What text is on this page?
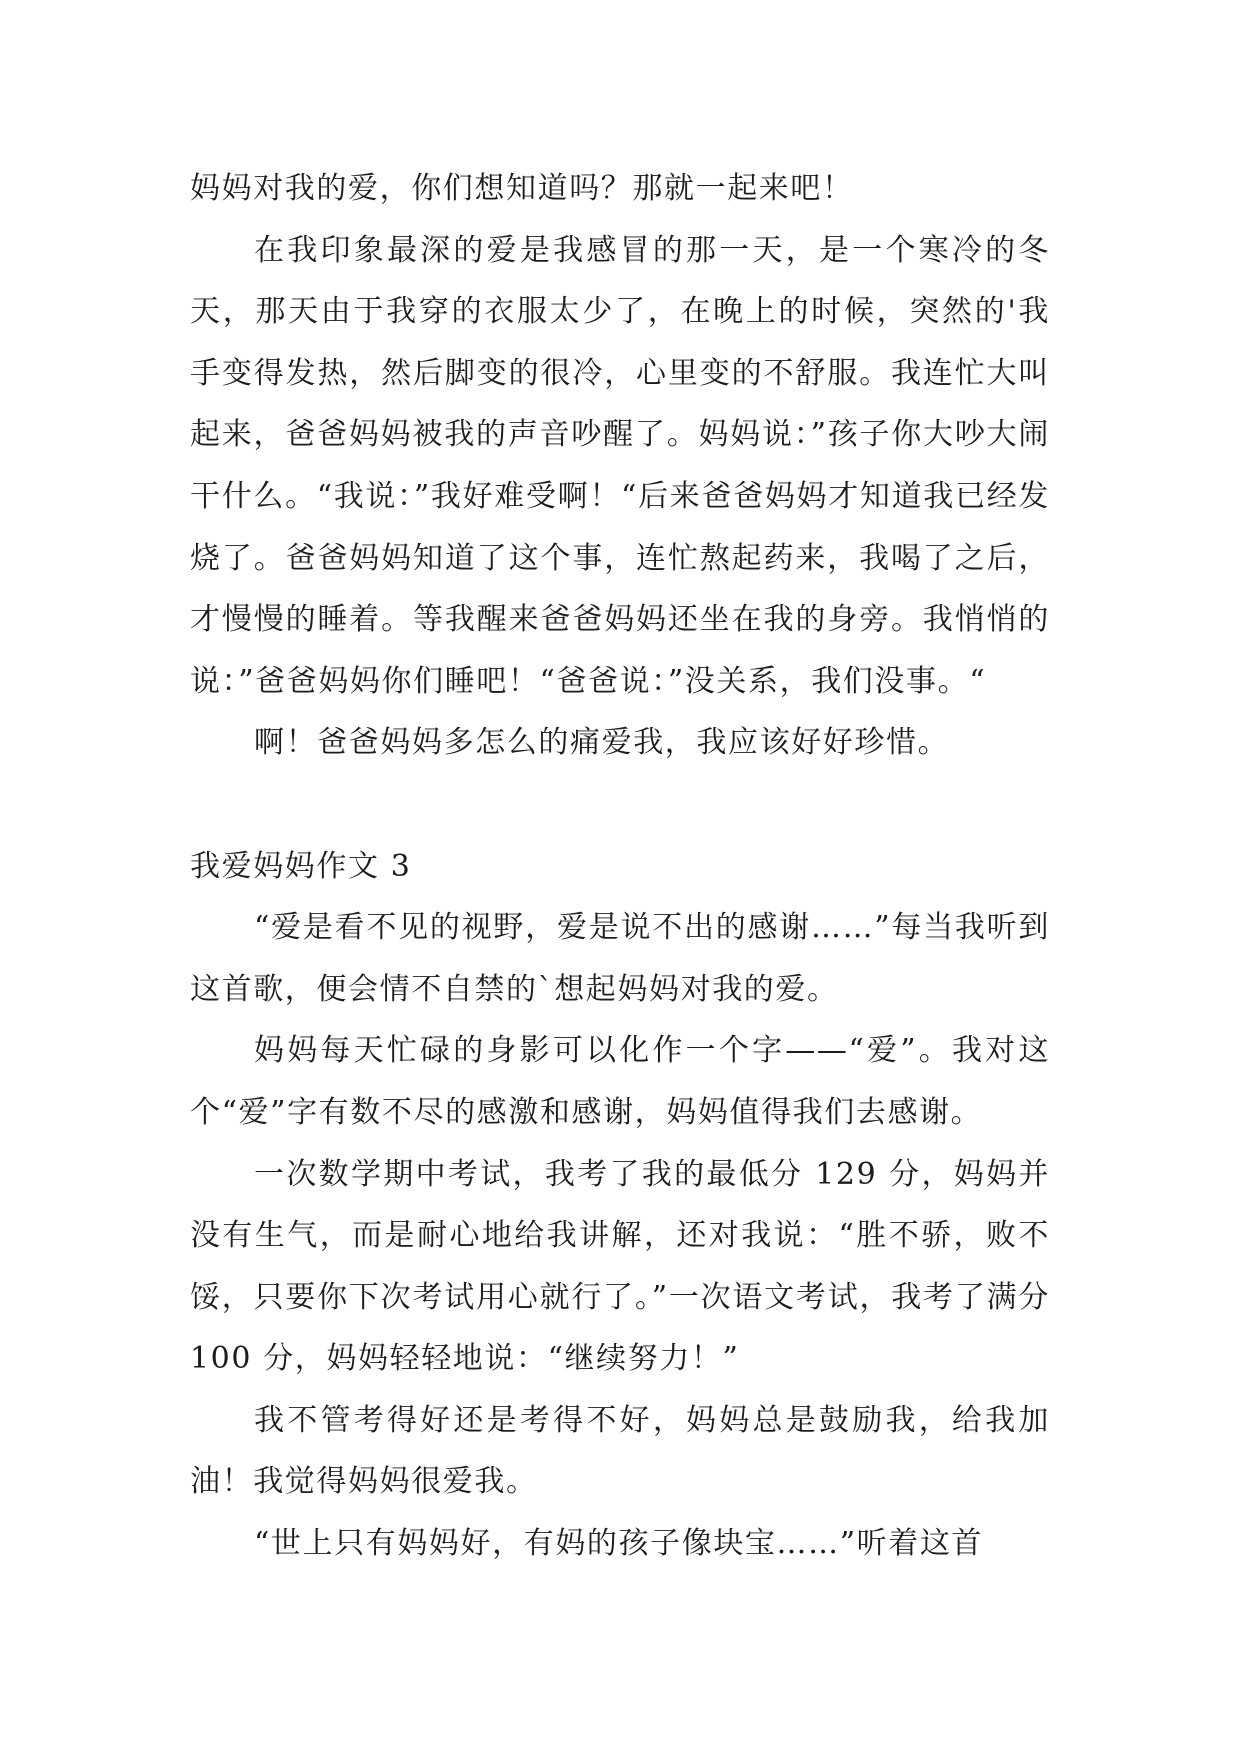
妈妈对我的爱，你们想知道吗？那就一起来吧！

在我印象最深的爱是我感冒的那一天，是一个寒冷的冬天，那天由于我穿的衣服太少了，在晚上的时候，突然的'我手变得发热，然后脚变的很冷，心里变的不舒服。我连忙大叫起来，爸爸妈妈被我的声音吵醒了。妈妈说：”孩子你大吵大闹干什么。“我说：”我好难受啊！“后来爸爸妈妈才知道我已经发烧了。爸爸妈妈知道了这个事，连忙熬起药来，我喝了之后，才慢慢的睡着。等我醒来爸爸妈妈还坐在我的身旁。我悄悄的说：”爸爸妈妈你们睡吧！“爸爸说：”没关系，我们没事。“

啊！爸爸妈妈多怎么的痛爱我，我应该好好珍惜。

我爱妈妈作文 3

“爱是看不见的视野，爱是说不出的感谢……”每当我听到这首歌，便会情不自禁的`想起妈妈对我的爱。

妈妈每天忙碌的身影可以化作一个字——“爱”。我对这个“爱”字有数不尽的感激和感谢，妈妈值得我们去感谢。

一次数学期中考试，我考了我的最低分 129 分，妈妈并没有生气，而是耐心地给我讲解，还对我说：“胜不骄，败不馁，只要你下次考试用心就行了。”一次语文考试，我考了满分 100 分，妈妈轻轻地说：“继续努力！”

我不管考得好还是考得不好，妈妈总是鼓励我，给我加油！我觉得妈妈很爱我。

“世上只有妈妈好，有妈的孩子像块宝……”听着这首
